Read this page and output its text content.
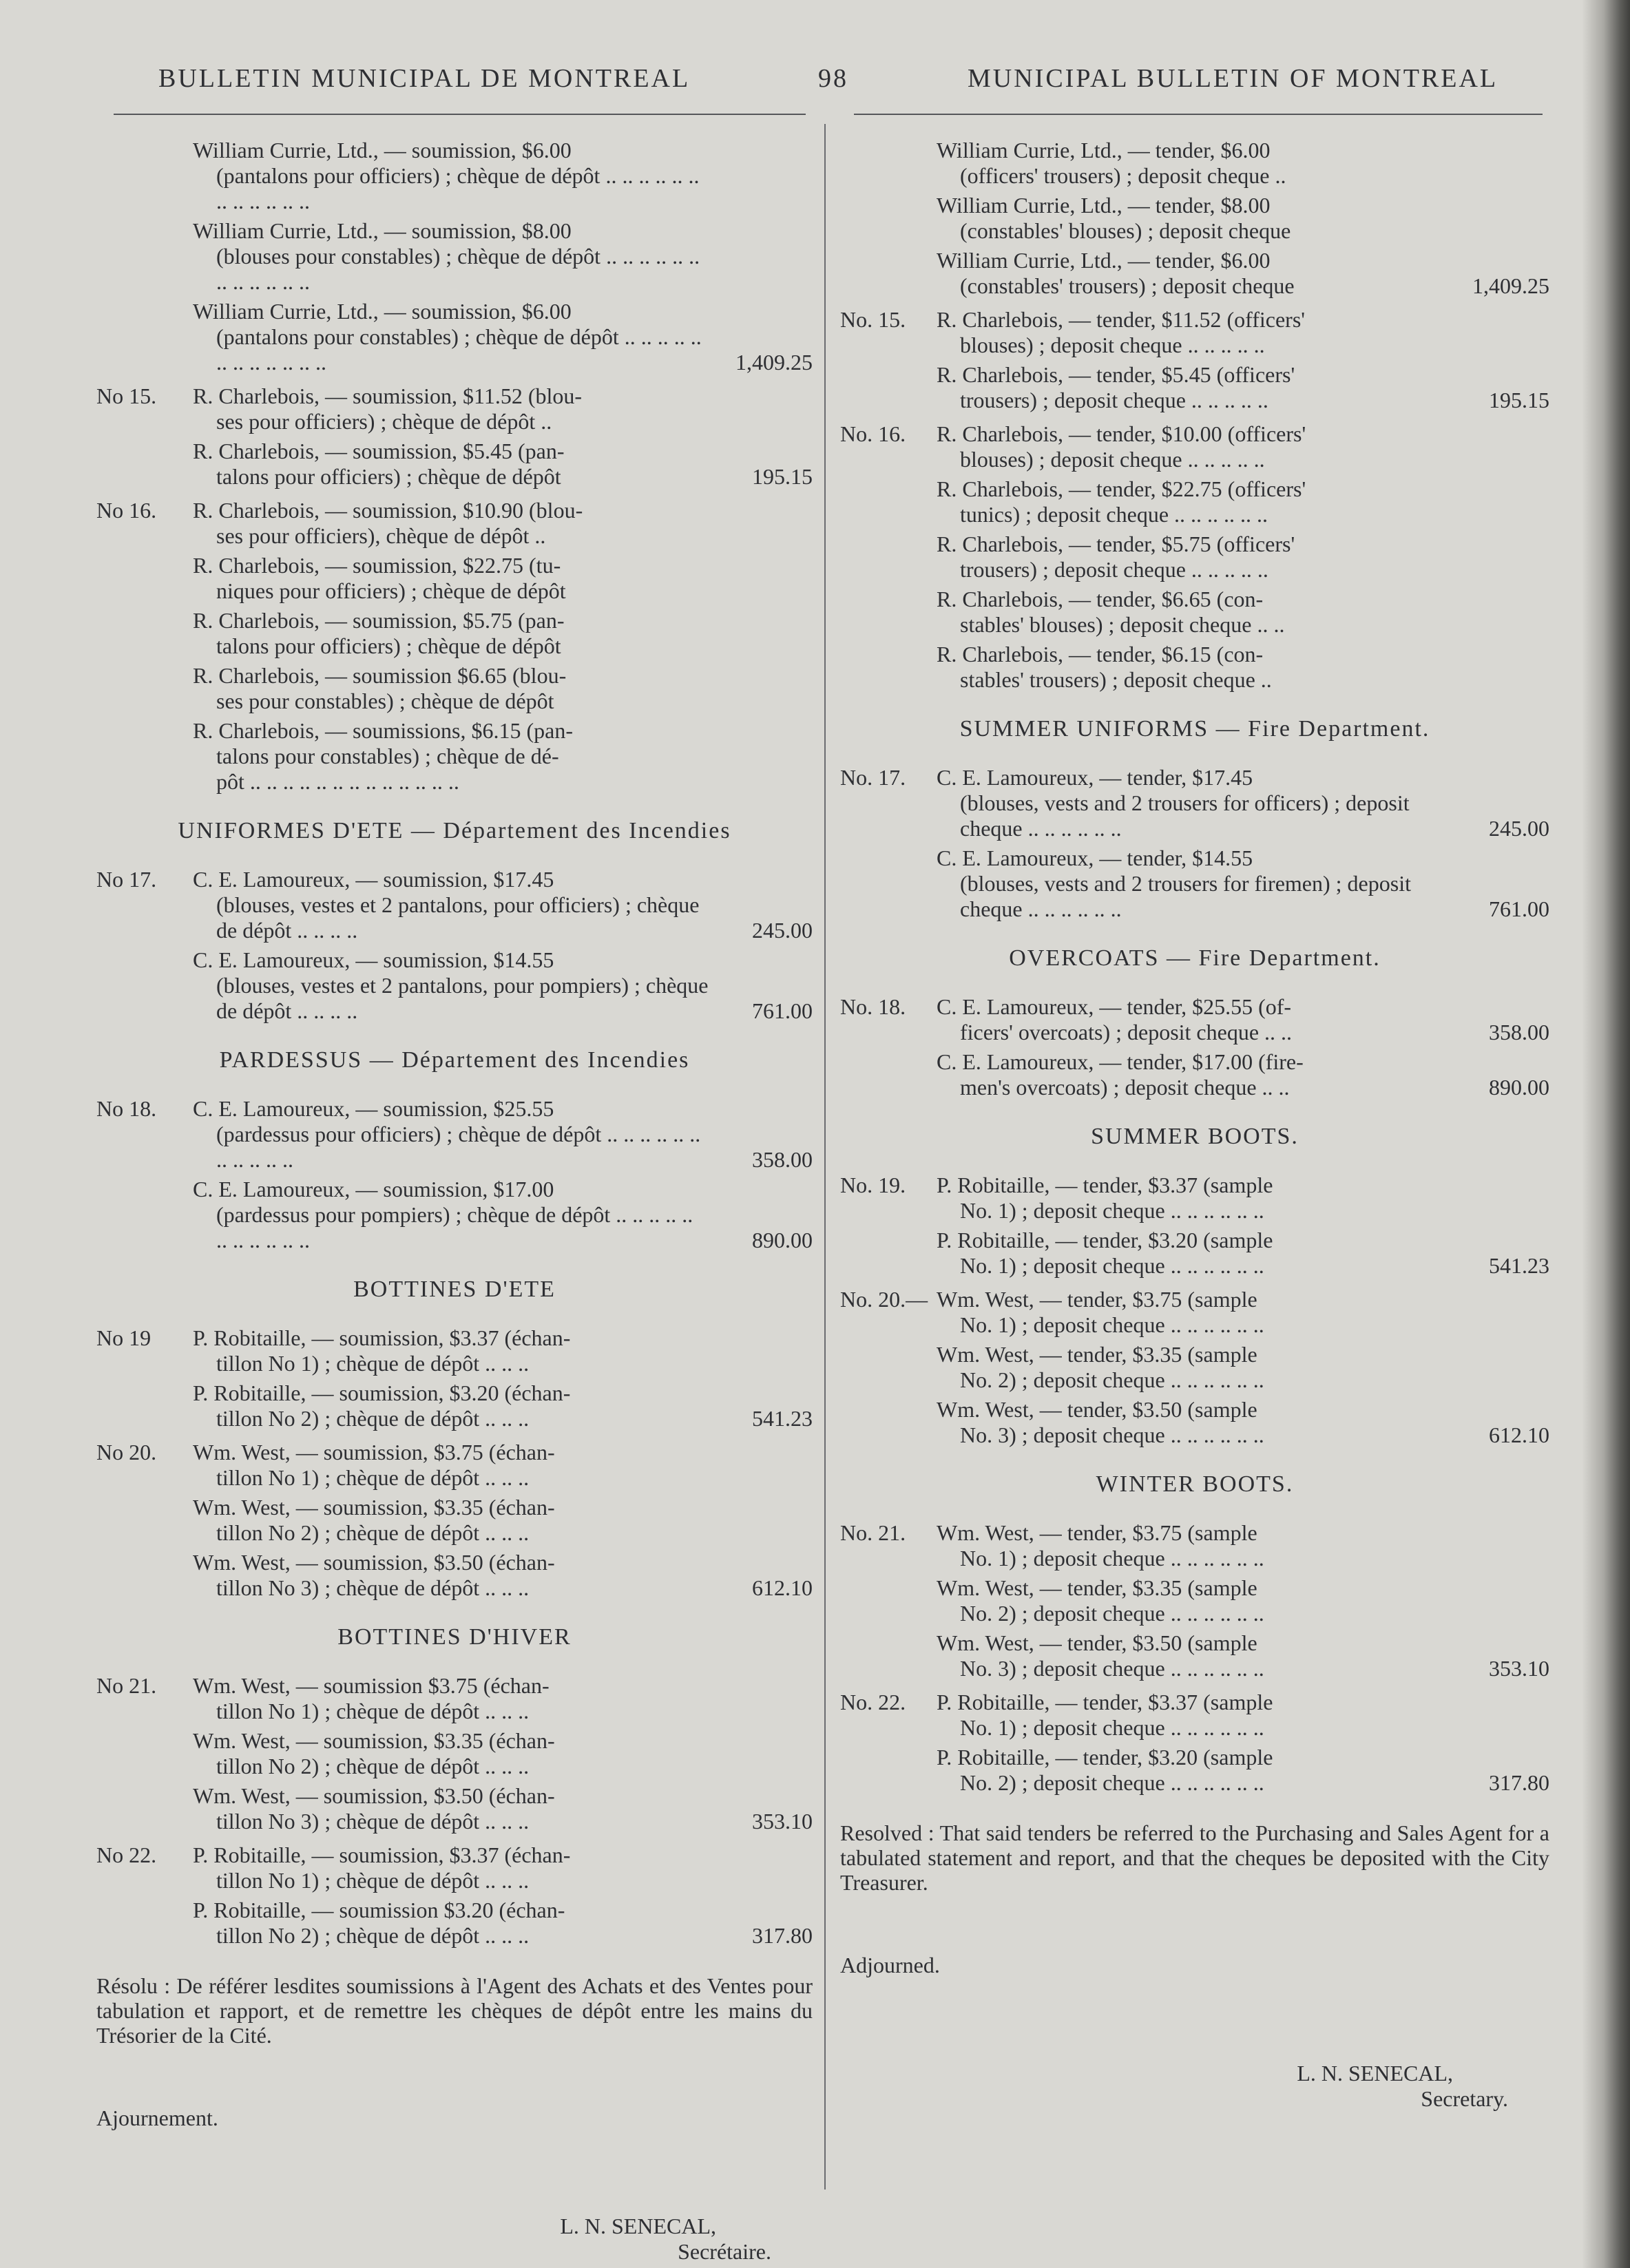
BULLETIN MUNICIPAL DE MONTREAL	98	MUNICIPAL BULLETIN OF MONTREAL
William Currie, Ltd., — soumission, $6.00
(pantalons pour officiers) ; chèque de dépôt .. .. .. .. .. .. .. .. .. .. .. ..
William Currie, Ltd., — soumission, $8.00
(blouses pour constables) ; chèque de dépôt .. .. .. .. .. .. .. .. .. .. .. ..
William Currie, Ltd., — soumission, $6.00
(pantalons pour constables) ; chèque de dépôt .. .. .. .. .. .. .. .. .. .. .. ..	1,409.25
No 15.	R. Charlebois, — soumission, $11.52 (blou-
ses pour officiers) ; chèque de dépôt ..
R. Charlebois, — soumission, $5.45 (pan-
talons pour officiers) ; chèque de dépôt	195.15
No 16.	R. Charlebois, — soumission, $10.90 (blou-
ses pour officiers), chèque de dépôt ..
R. Charlebois, — soumission, $22.75 (tu-
niques pour officiers) ; chèque de dépôt
R. Charlebois, — soumission, $5.75 (pan-
talons pour officiers) ; chèque de dépôt
R. Charlebois, — soumission $6.65 (blou-
ses pour constables) ; chèque de dépôt
R. Charlebois, — soumissions, $6.15 (pan-
talons pour constables) ; chèque de dé-
pôt .. .. .. .. .. .. .. .. .. .. .. .. ..
UNIFORMES D'ETE — Département des Incendies
No 17.	C. E. Lamoureux, — soumission, $17.45
(blouses, vestes et 2 pantalons, pour officiers) ; chèque de dépôt .. .. .. ..	245.00
C. E. Lamoureux, — soumission, $14.55
(blouses, vestes et 2 pantalons, pour pompiers) ; chèque de dépôt .. .. .. ..	761.00
PARDESSUS — Département des Incendies
No 18.	C. E. Lamoureux, — soumission, $25.55
(pardessus pour officiers) ; chèque de dépôt .. .. .. .. .. .. .. .. .. .. ..	358.00
C. E. Lamoureux, — soumission, $17.00
(pardessus pour pompiers) ; chèque de dépôt .. .. .. .. .. .. .. .. .. .. ..	890.00
BOTTINES D'ETE
No 19	P. Robitaille, — soumission, $3.37 (échan-
tillon No 1) ; chèque de dépôt .. .. ..
P. Robitaille, — soumission, $3.20 (échan-
tillon No 2) ; chèque de dépôt .. .. ..	541.23
No 20.	Wm. West, — soumission, $3.75 (échan-
tillon No 1) ; chèque de dépôt .. .. ..
Wm. West, — soumission, $3.35 (échan-
tillon No 2) ; chèque de dépôt .. .. ..
Wm. West, — soumission, $3.50 (échan-
tillon No 3) ; chèque de dépôt .. .. ..	612.10
BOTTINES D'HIVER
No 21.	Wm. West, — soumission $3.75 (échan-
tillon No 1) ; chèque de dépôt .. .. ..
Wm. West, — soumission, $3.35 (échan-
tillon No 2) ; chèque de dépôt .. .. ..
Wm. West, — soumission, $3.50 (échan-
tillon No 3) ; chèque de dépôt .. .. ..	353.10
No 22.	P. Robitaille, — soumission, $3.37 (échan-
tillon No 1) ; chèque de dépôt .. .. ..
P. Robitaille, — soumission $3.20 (échan-
tillon No 2) ; chèque de dépôt .. .. ..	317.80
Résolu : De référer lesdites soumissions à l'Agent des Achats et des Ventes pour tabulation et rapport, et de remettre les chèques de dépôt entre les mains du Trésorier de la Cité.
Ajournement.
L. N. SENECAL,
Secrétaire.
William Currie, Ltd., — tender, $6.00
(officers' trousers) ; deposit cheque ..
William Currie, Ltd., — tender, $8.00
(constables' blouses) ; deposit cheque
William Currie, Ltd., — tender, $6.00
(constables' trousers) ; deposit cheque	1,409.25
No. 15.	R. Charlebois, — tender, $11.52 (officers'
blouses) ; deposit cheque .. .. .. .. ..
R. Charlebois, — tender, $5.45 (officers'
trousers) ; deposit cheque .. .. .. .. ..	195.15
No. 16.	R. Charlebois, — tender, $10.00 (officers'
blouses) ; deposit cheque .. .. .. .. ..
R. Charlebois, — tender, $22.75 (officers'
tunics) ; deposit cheque .. .. .. .. .. ..
R. Charlebois, — tender, $5.75 (officers'
trousers) ; deposit cheque .. .. .. .. ..
R. Charlebois, — tender, $6.65 (con-
stables' blouses) ; deposit cheque .. ..
R. Charlebois, — tender, $6.15 (con-
stables' trousers) ; deposit cheque ..
SUMMER UNIFORMS — Fire Department.
No. 17.	C. E. Lamoureux, — tender, $17.45
(blouses, vests and 2 trousers for officers) ; deposit cheque .. .. .. .. .. ..	245.00
C. E. Lamoureux, — tender, $14.55
(blouses, vests and 2 trousers for firemen) ; deposit cheque .. .. .. .. .. ..	761.00
OVERCOATS — Fire Department.
No. 18.	C. E. Lamoureux, — tender, $25.55 (of-
ficers' overcoats) ; deposit cheque .. ..	358.00
C. E. Lamoureux, — tender, $17.00 (fire-
men's overcoats) ; deposit cheque .. ..	890.00
SUMMER BOOTS.
No. 19.	P. Robitaille, — tender, $3.37 (sample
No. 1) ; deposit cheque .. .. .. .. .. ..
P. Robitaille, — tender, $3.20 (sample
No. 1) ; deposit cheque .. .. .. .. .. ..	541.23
No. 20.— Wm. West, — tender, $3.75 (sample
No. 1) ; deposit cheque .. .. .. .. .. ..
Wm. West, — tender, $3.35 (sample
No. 2) ; deposit cheque .. .. .. .. .. ..
Wm. West, — tender, $3.50 (sample
No. 3) ; deposit cheque .. .. .. .. .. ..	612.10
WINTER BOOTS.
No. 21.	Wm. West, — tender, $3.75 (sample
No. 1) ; deposit cheque .. .. .. .. .. ..
Wm. West, — tender, $3.35 (sample
No. 2) ; deposit cheque .. .. .. .. .. ..
Wm. West, — tender, $3.50 (sample
No. 3) ; deposit cheque .. .. .. .. .. ..	353.10
No. 22.	P. Robitaille, — tender, $3.37 (sample
No. 1) ; deposit cheque .. .. .. .. .. ..
P. Robitaille, — tender, $3.20 (sample
No. 2) ; deposit cheque .. .. .. .. .. ..	317.80
Resolved : That said tenders be referred to the Purchasing and Sales Agent for a tabulated statement and report, and that the cheques be deposited with the City Treasurer.
Adjourned.
L. N. SENECAL,
Secretary.
